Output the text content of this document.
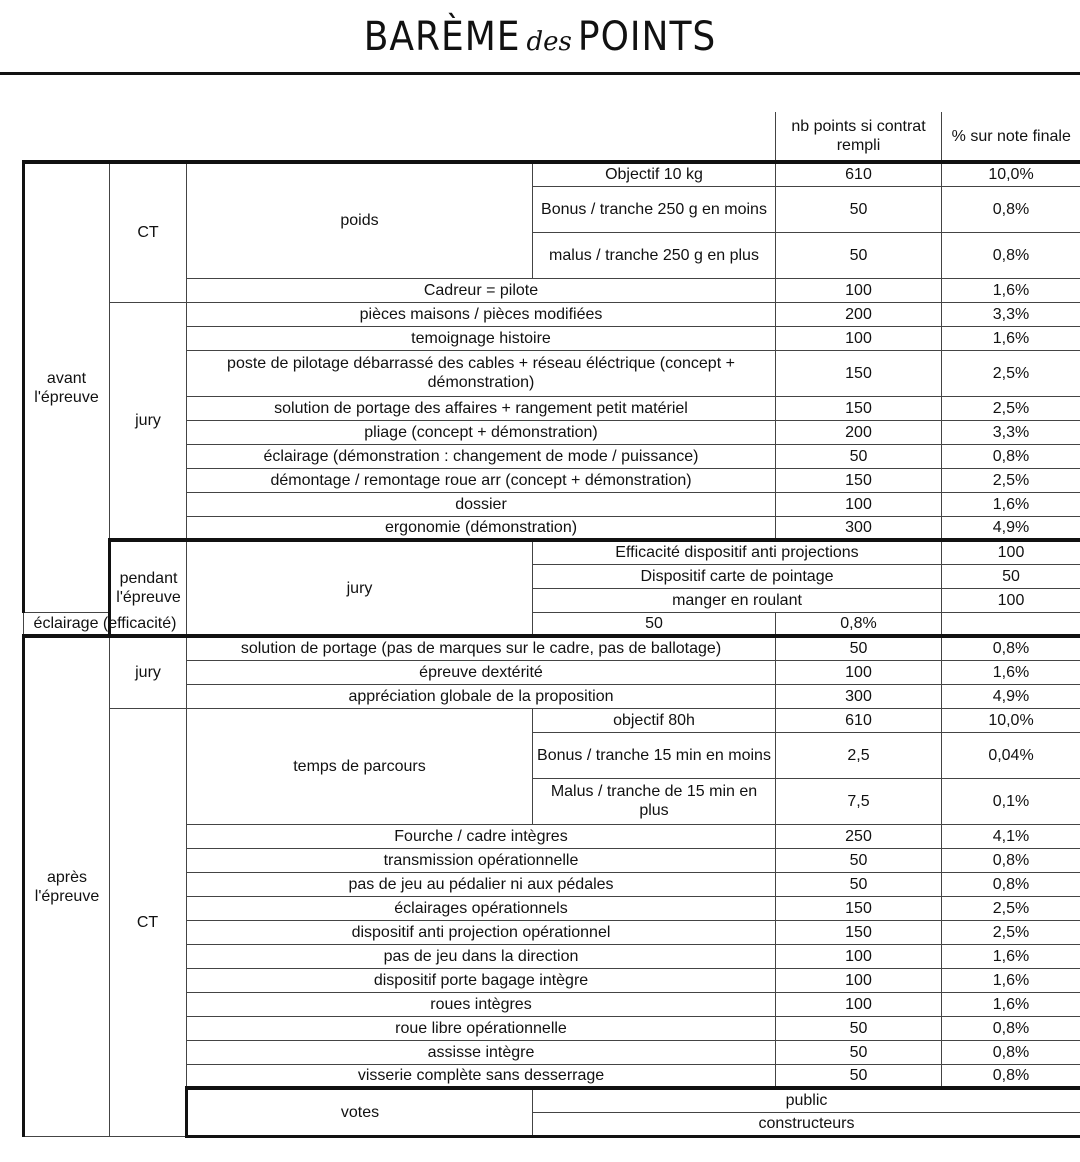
BARÈME des POINTS
				nb points si contrat rempli	% sur note finale	
avant l'épreuve	CT	poids	Objectif 10 kg	610	10,0%	
			Bonus / tranche 250 g en moins	50	0,8%	
			malus / tranche 250 g en plus	50	0,8%	
		Cadreur = pilote		100	1,6%	
	jury	pièces maisons / pièces modifiées		200	3,3%	
		temoignage histoire		100	1,6%	
		poste de pilotage débarrassé des cables + réseau éléctrique (concept + démonstration)		150	2,5%	
		solution de portage des affaires + rangement petit matériel		150	2,5%	
		pliage (concept + démonstration)		200	3,3%	
		éclairage (démonstration : changement de mode / puissance)		50	0,8%	
		démontage / remontage roue arr (concept + démonstration)		150	2,5%	
		dossier		100	1,6%	
		ergonomie (démonstration)		300	4,9%	
	pendant l'épreuve	jury	Efficacité dispositif anti projections		100	
			Dispositif carte de pointage		50	
			manger en roulant		100	
éclairage (efficacité)			50	0,8%		
après l'épreuve	jury	solution de portage (pas de marques sur le cadre, pas de ballotage)		50	0,8%	
		épreuve dextérité		100	1,6%	
		appréciation globale de la proposition		300	4,9%	
	CT	temps de parcours	objectif 80h	610	10,0%	
			Bonus / tranche 15 min en moins	2,5	0,04%	
			Malus / tranche de 15 min en plus	7,5	0,1%	
		Fourche / cadre intègres		250	4,1%	
		transmission opérationnelle		50	0,8%	
		pas de jeu au pédalier ni aux pédales		50	0,8%	
		éclairages opérationnels		150	2,5%	
		dispositif anti projection opérationnel		150	2,5%	
		pas de jeu dans la direction		100	1,6%	
		dispositif porte bagage intègre		100	1,6%	
		roues intègres		100	1,6%	
		roue libre opérationnelle		50	0,8%	
		assisse intègre		50	0,8%	
		visserie complète sans desserrage		50	0,8%	
		votes	public		
			constructeurs		
